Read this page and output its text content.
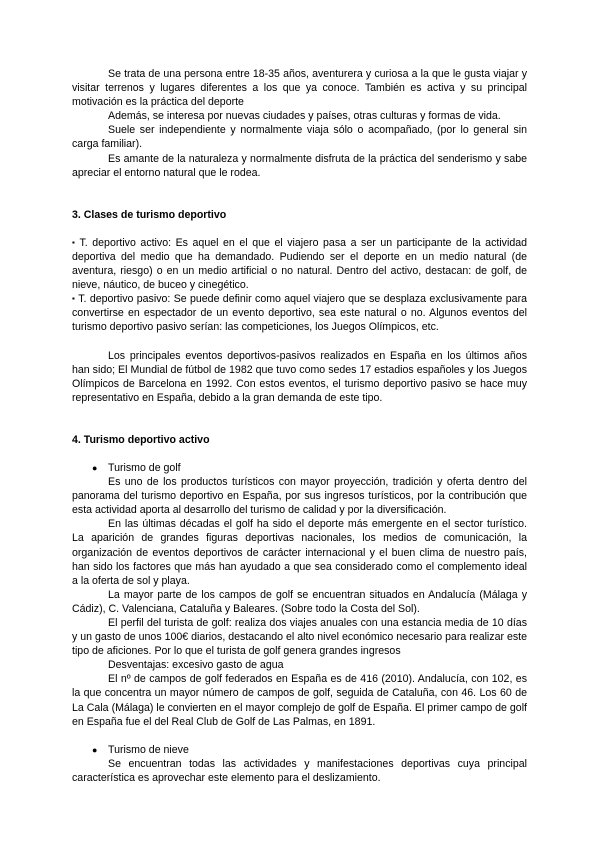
Se trata de una persona entre 18-35 años, aventurera y curiosa a la que le gusta viajar y visitar terrenos y lugares diferentes a los que ya conoce. También es activa y su principal motivación es la práctica del deporte

Además, se interesa por nuevas ciudades y países, otras culturas y formas de vida.

Suele ser independiente y normalmente viaja sólo o acompañado, (por lo general sin carga familiar).

Es amante de la naturaleza y normalmente disfruta de la práctica del senderismo y sabe apreciar el entorno natural que le rodea.

3. Clases de turismo deportivo

▪ T. deportivo activo: Es aquel en el que el viajero pasa a ser un participante de la actividad deportiva del medio que ha demandado. Pudiendo ser el deporte en un medio natural (de aventura, riesgo) o en un medio artificial o no natural. Dentro del activo, destacan: de golf, de nieve, náutico, de buceo y cinegético.

▪ T. deportivo pasivo: Se puede definir como aquel viajero que se desplaza exclusivamente para convertirse en espectador de un evento deportivo, sea este natural o no. Algunos eventos del turismo deportivo pasivo serían: las competiciones, los Juegos Olímpicos, etc.

Los principales eventos deportivos-pasivos realizados en España en los últimos años han sido; El Mundial de fútbol de 1982 que tuvo como sedes 17 estadios españoles y los Juegos Olímpicos de Barcelona en 1992. Con estos eventos, el turismo deportivo pasivo se hace muy representativo en España, debido a la gran demanda de este tipo.

4. Turismo deportivo activo

● Turismo de golf

Es uno de los productos turísticos con mayor proyección, tradición y oferta dentro del panorama del turismo deportivo en España, por sus ingresos turísticos, por la contribución que esta actividad aporta al desarrollo del turismo de calidad y por la diversificación.

En las últimas décadas el golf ha sido el deporte más emergente en el sector turístico. La aparición de grandes figuras deportivas nacionales, los medios de comunicación, la organización de eventos deportivos de carácter internacional y el buen clima de nuestro país, han sido los factores que más han ayudado a que sea considerado como el complemento ideal a la oferta de sol y playa.

La mayor parte de los campos de golf se encuentran situados en Andalucía (Málaga y Cádiz), C. Valenciana, Cataluña y Baleares. (Sobre todo la Costa del Sol).

El perfil del turista de golf: realiza dos viajes anuales con una estancia media de 10 días y un gasto de unos 100€ diarios, destacando el alto nivel económico necesario para realizar este tipo de aficiones. Por lo que el turista de golf genera grandes ingresos

Desventajas: excesivo gasto de agua

El nº de campos de golf federados en España es de 416 (2010). Andalucía, con 102, es la que concentra un mayor número de campos de golf, seguida de Cataluña, con 46. Los 60 de La Cala (Málaga) le convierten en el mayor complejo de golf de España. El primer campo de golf en España fue el del Real Club de Golf de Las Palmas, en 1891.

● Turismo de nieve

Se encuentran todas las actividades y manifestaciones deportivas cuya principal característica es aprovechar este elemento para el deslizamiento.
